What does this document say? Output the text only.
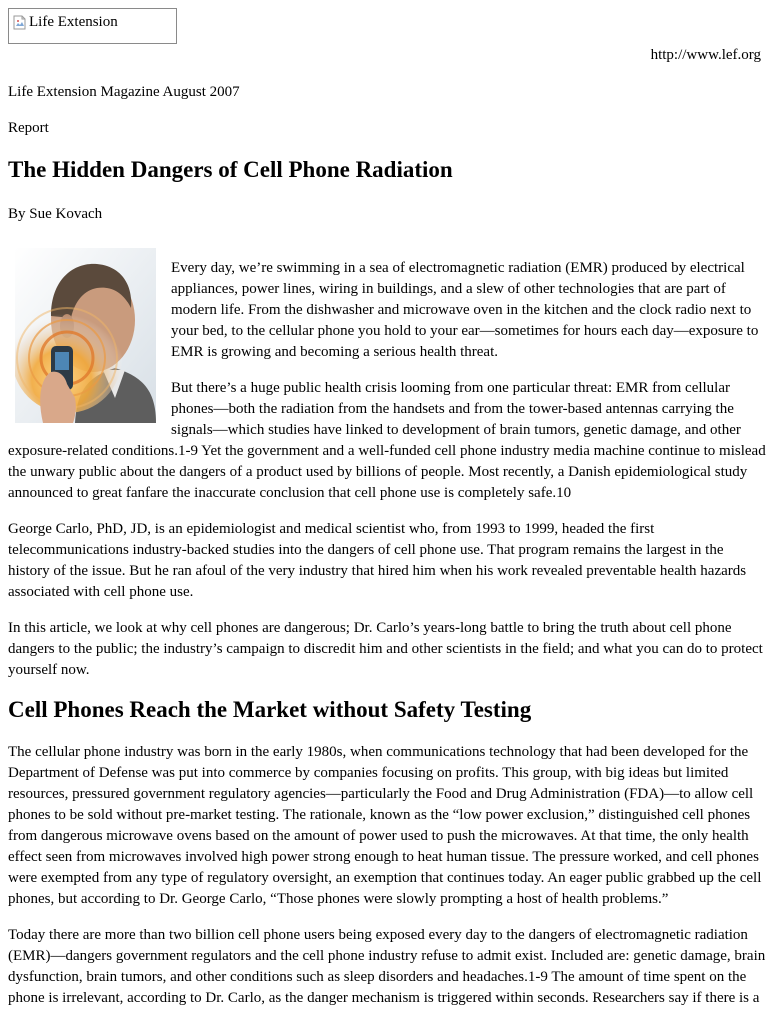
Life Extension
http://www.lef.org

Life Extension Magazine August 2007

Report

The Hidden Dangers of Cell Phone Radiation

By Sue Kovach

Every day, we’re swimming in a sea of electromagnetic radiation (EMR) produced by electrical appliances, power lines, wiring in buildings, and a slew of other technologies that are part of modern life. From the dishwasher and microwave oven in the kitchen and the clock radio next to your bed, to the cellular phone you hold to your ear—sometimes for hours each day—exposure to EMR is growing and becoming a serious health threat.

But there’s a huge public health crisis looming from one particular threat: EMR from cellular phones—both the radiation from the handsets and from the tower-based antennas carrying the signals—which studies have linked to development of brain tumors, genetic damage, and other exposure-related conditions.1-9 Yet the government and a well-funded cell phone industry media machine continue to mislead the unwary public about the dangers of a product used by billions of people. Most recently, a Danish epidemiological study announced to great fanfare the inaccurate conclusion that cell phone use is completely safe.10

George Carlo, PhD, JD, is an epidemiologist and medical scientist who, from 1993 to 1999, headed the first telecommunications industry-backed studies into the dangers of cell phone use. That program remains the largest in the history of the issue. But he ran afoul of the very industry that hired him when his work revealed preventable health hazards associated with cell phone use.

In this article, we look at why cell phones are dangerous; Dr. Carlo’s years-long battle to bring the truth about cell phone dangers to the public; the industry’s campaign to discredit him and other scientists in the field; and what you can do to protect yourself now.

Cell Phones Reach the Market without Safety Testing

The cellular phone industry was born in the early 1980s, when communications technology that had been developed for the Department of Defense was put into commerce by companies focusing on profits. This group, with big ideas but limited resources, pressured government regulatory agencies—particularly the Food and Drug Administration (FDA)—to allow cell phones to be sold without pre-market testing. The rationale, known as the “low power exclusion,” distinguished cell phones from dangerous microwave ovens based on the amount of power used to push the microwaves. At that time, the only health effect seen from microwaves involved high power strong enough to heat human tissue. The pressure worked, and cell phones were exempted from any type of regulatory oversight, an exemption that continues today. An eager public grabbed up the cell phones, but according to Dr. George Carlo, “Those phones were slowly prompting a host of health problems.”

Today there are more than two billion cell phone users being exposed every day to the dangers of electromagnetic radiation (EMR)—dangers government regulators and the cell phone industry refuse to admit exist. Included are: genetic damage, brain dysfunction, brain tumors, and other conditions such as sleep disorders and headaches.1-9 The amount of time spent on the phone is irrelevant, according to Dr. Carlo, as the danger mechanism is triggered within seconds. Researchers say if there is a
